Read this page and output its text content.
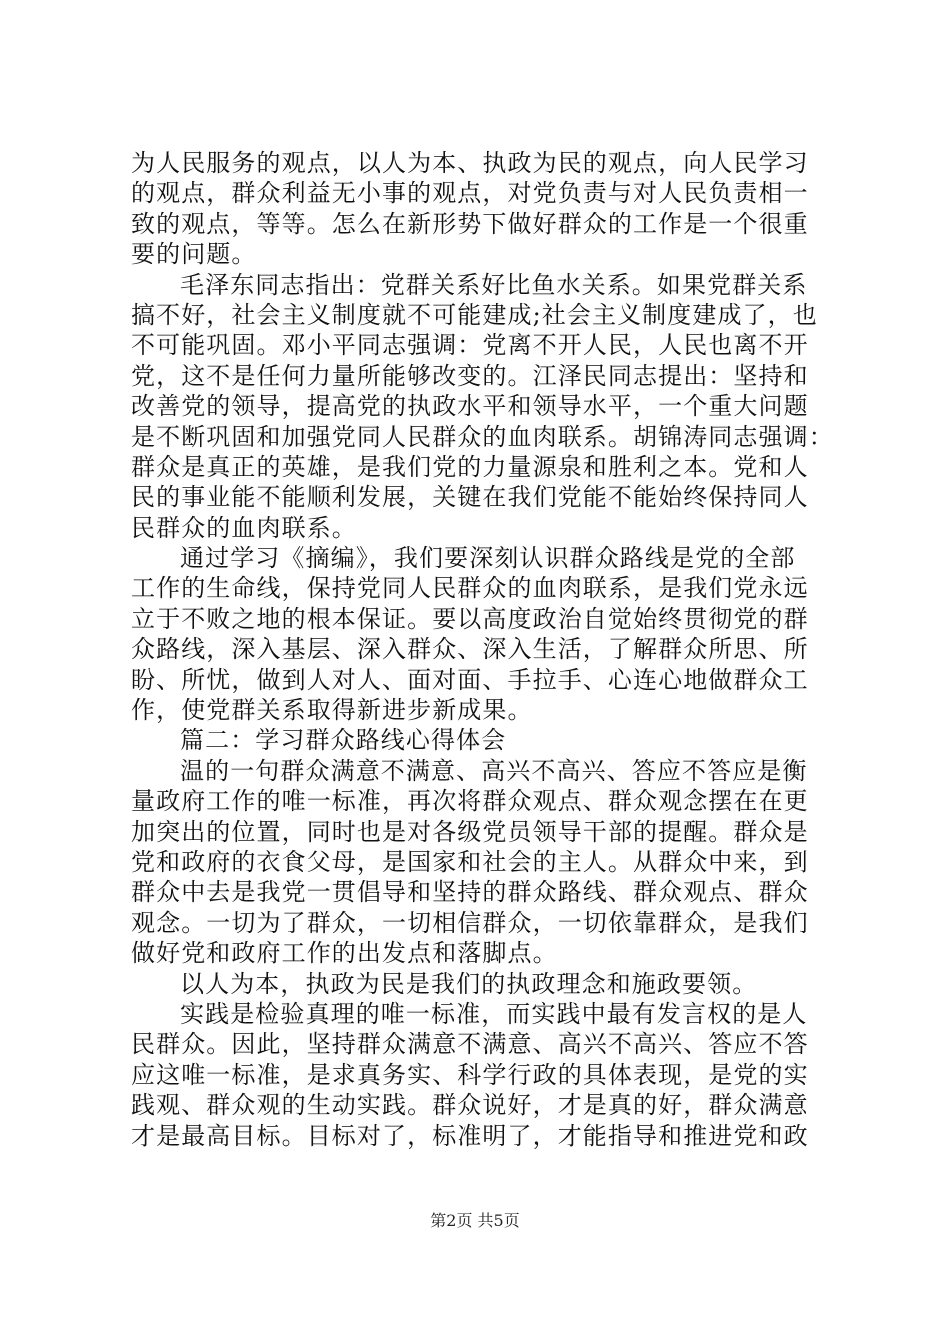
为人民服务的观点，以人为本、执政为民的观点，向人民学习
的观点，群众利益无小事的观点，对党负责与对人民负责相一
致的观点，等等。怎么在新形势下做好群众的工作是一个很重
要的问题。
毛泽东同志指出：党群关系好比鱼水关系。如果党群关系
搞不好，社会主义制度就不可能建成;社会主义制度建成了，也
不可能巩固。邓小平同志强调：党离不开人民，人民也离不开
党，这不是任何力量所能够改变的。江泽民同志提出：坚持和
改善党的领导，提高党的执政水平和领导水平，一个重大问题
是不断巩固和加强党同人民群众的血肉联系。胡锦涛同志强调：
群众是真正的英雄，是我们党的力量源泉和胜利之本。党和人
民的事业能不能顺利发展，关键在我们党能不能始终保持同人
民群众的血肉联系。
通过学习《摘编》，我们要深刻认识群众路线是党的全部
工作的生命线，保持党同人民群众的血肉联系，是我们党永远
立于不败之地的根本保证。要以高度政治自觉始终贯彻党的群
众路线，深入基层、深入群众、深入生活，了解群众所思、所
盼、所忧，做到人对人、面对面、手拉手、心连心地做群众工
作，使党群关系取得新进步新成果。
篇二：学习群众路线心得体会
温的一句群众满意不满意、高兴不高兴、答应不答应是衡
量政府工作的唯一标准，再次将群众观点、群众观念摆在在更
加突出的位置，同时也是对各级党员领导干部的提醒。群众是
党和政府的衣食父母，是国家和社会的主人。从群众中来，到
群众中去是我党一贯倡导和坚持的群众路线、群众观点、群众
观念。一切为了群众，一切相信群众，一切依靠群众，是我们
做好党和政府工作的出发点和落脚点。
以人为本，执政为民是我们的执政理念和施政要领。
实践是检验真理的唯一标准，而实践中最有发言权的是人
民群众。因此，坚持群众满意不满意、高兴不高兴、答应不答
应这唯一标准，是求真务实、科学行政的具体表现，是党的实
践观、群众观的生动实践。群众说好，才是真的好，群众满意
才是最高目标。目标对了，标准明了，才能指导和推进党和政
第2页 共5页
